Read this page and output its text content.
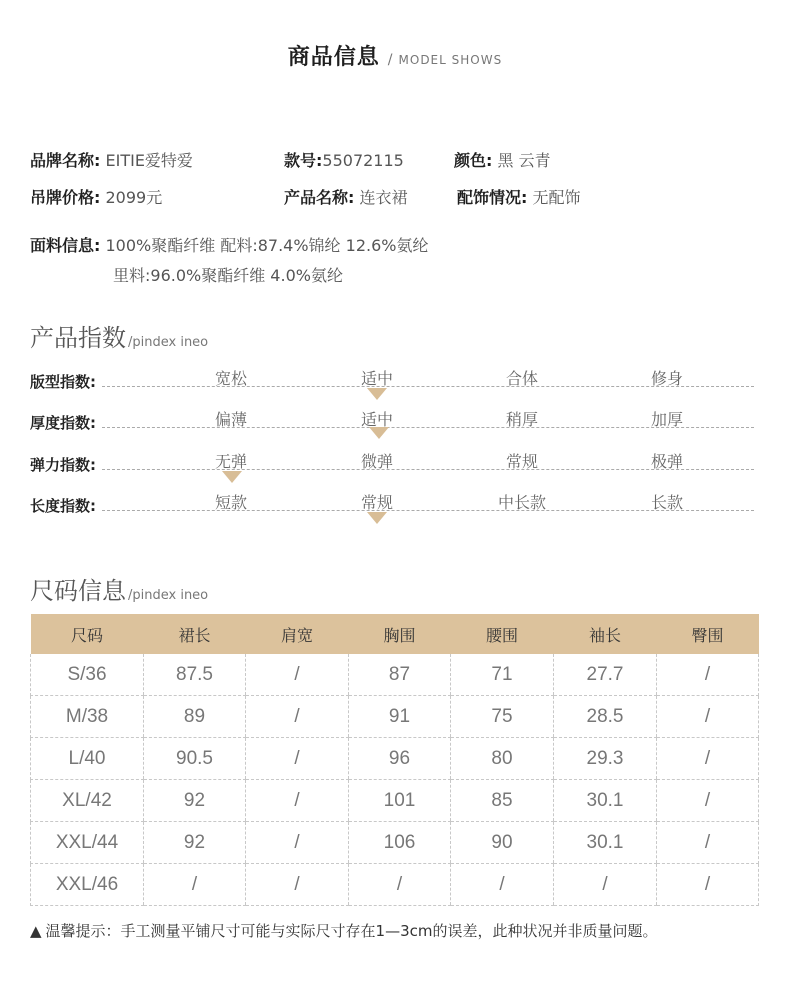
商品信息 / MODEL SHOWS
品牌名称: EITIE爱特爱	款号:55072115	颜色: 黑 云青
吊牌价格: 2099元	产品名称: 连衣裙	配饰情况: 无配饰
面料信息: 100%聚酯纤维 配料:87.4%锦纶 12.6%氨纶
里料:96.0%聚酯纤维 4.0%氨纶
产品指数 /pindex ineo
版型指数:	宽松	适中	合体	修身
厚度指数:	偏薄	适中	稍厚	加厚
弹力指数:	无弹	微弹	常规	极弹
长度指数:	短款	常规	中长款	长款
尺码信息 /pindex ineo
尺码	裙长	肩宽	胸围	腰围	袖长	臀围
S/36	87.5	/	87	71	27.7	/
M/38	89	/	91	75	28.5	/
L/40	90.5	/	96	80	29.3	/
XL/42	92	/	101	85	30.1	/
XXL/44	92	/	106	90	30.1	/
XXL/46	/	/	/	/	/	/
▲ 温馨提示：手工测量平铺尺寸可能与实际尺寸存在1—3cm的误差，此种状况并非质量问题。
